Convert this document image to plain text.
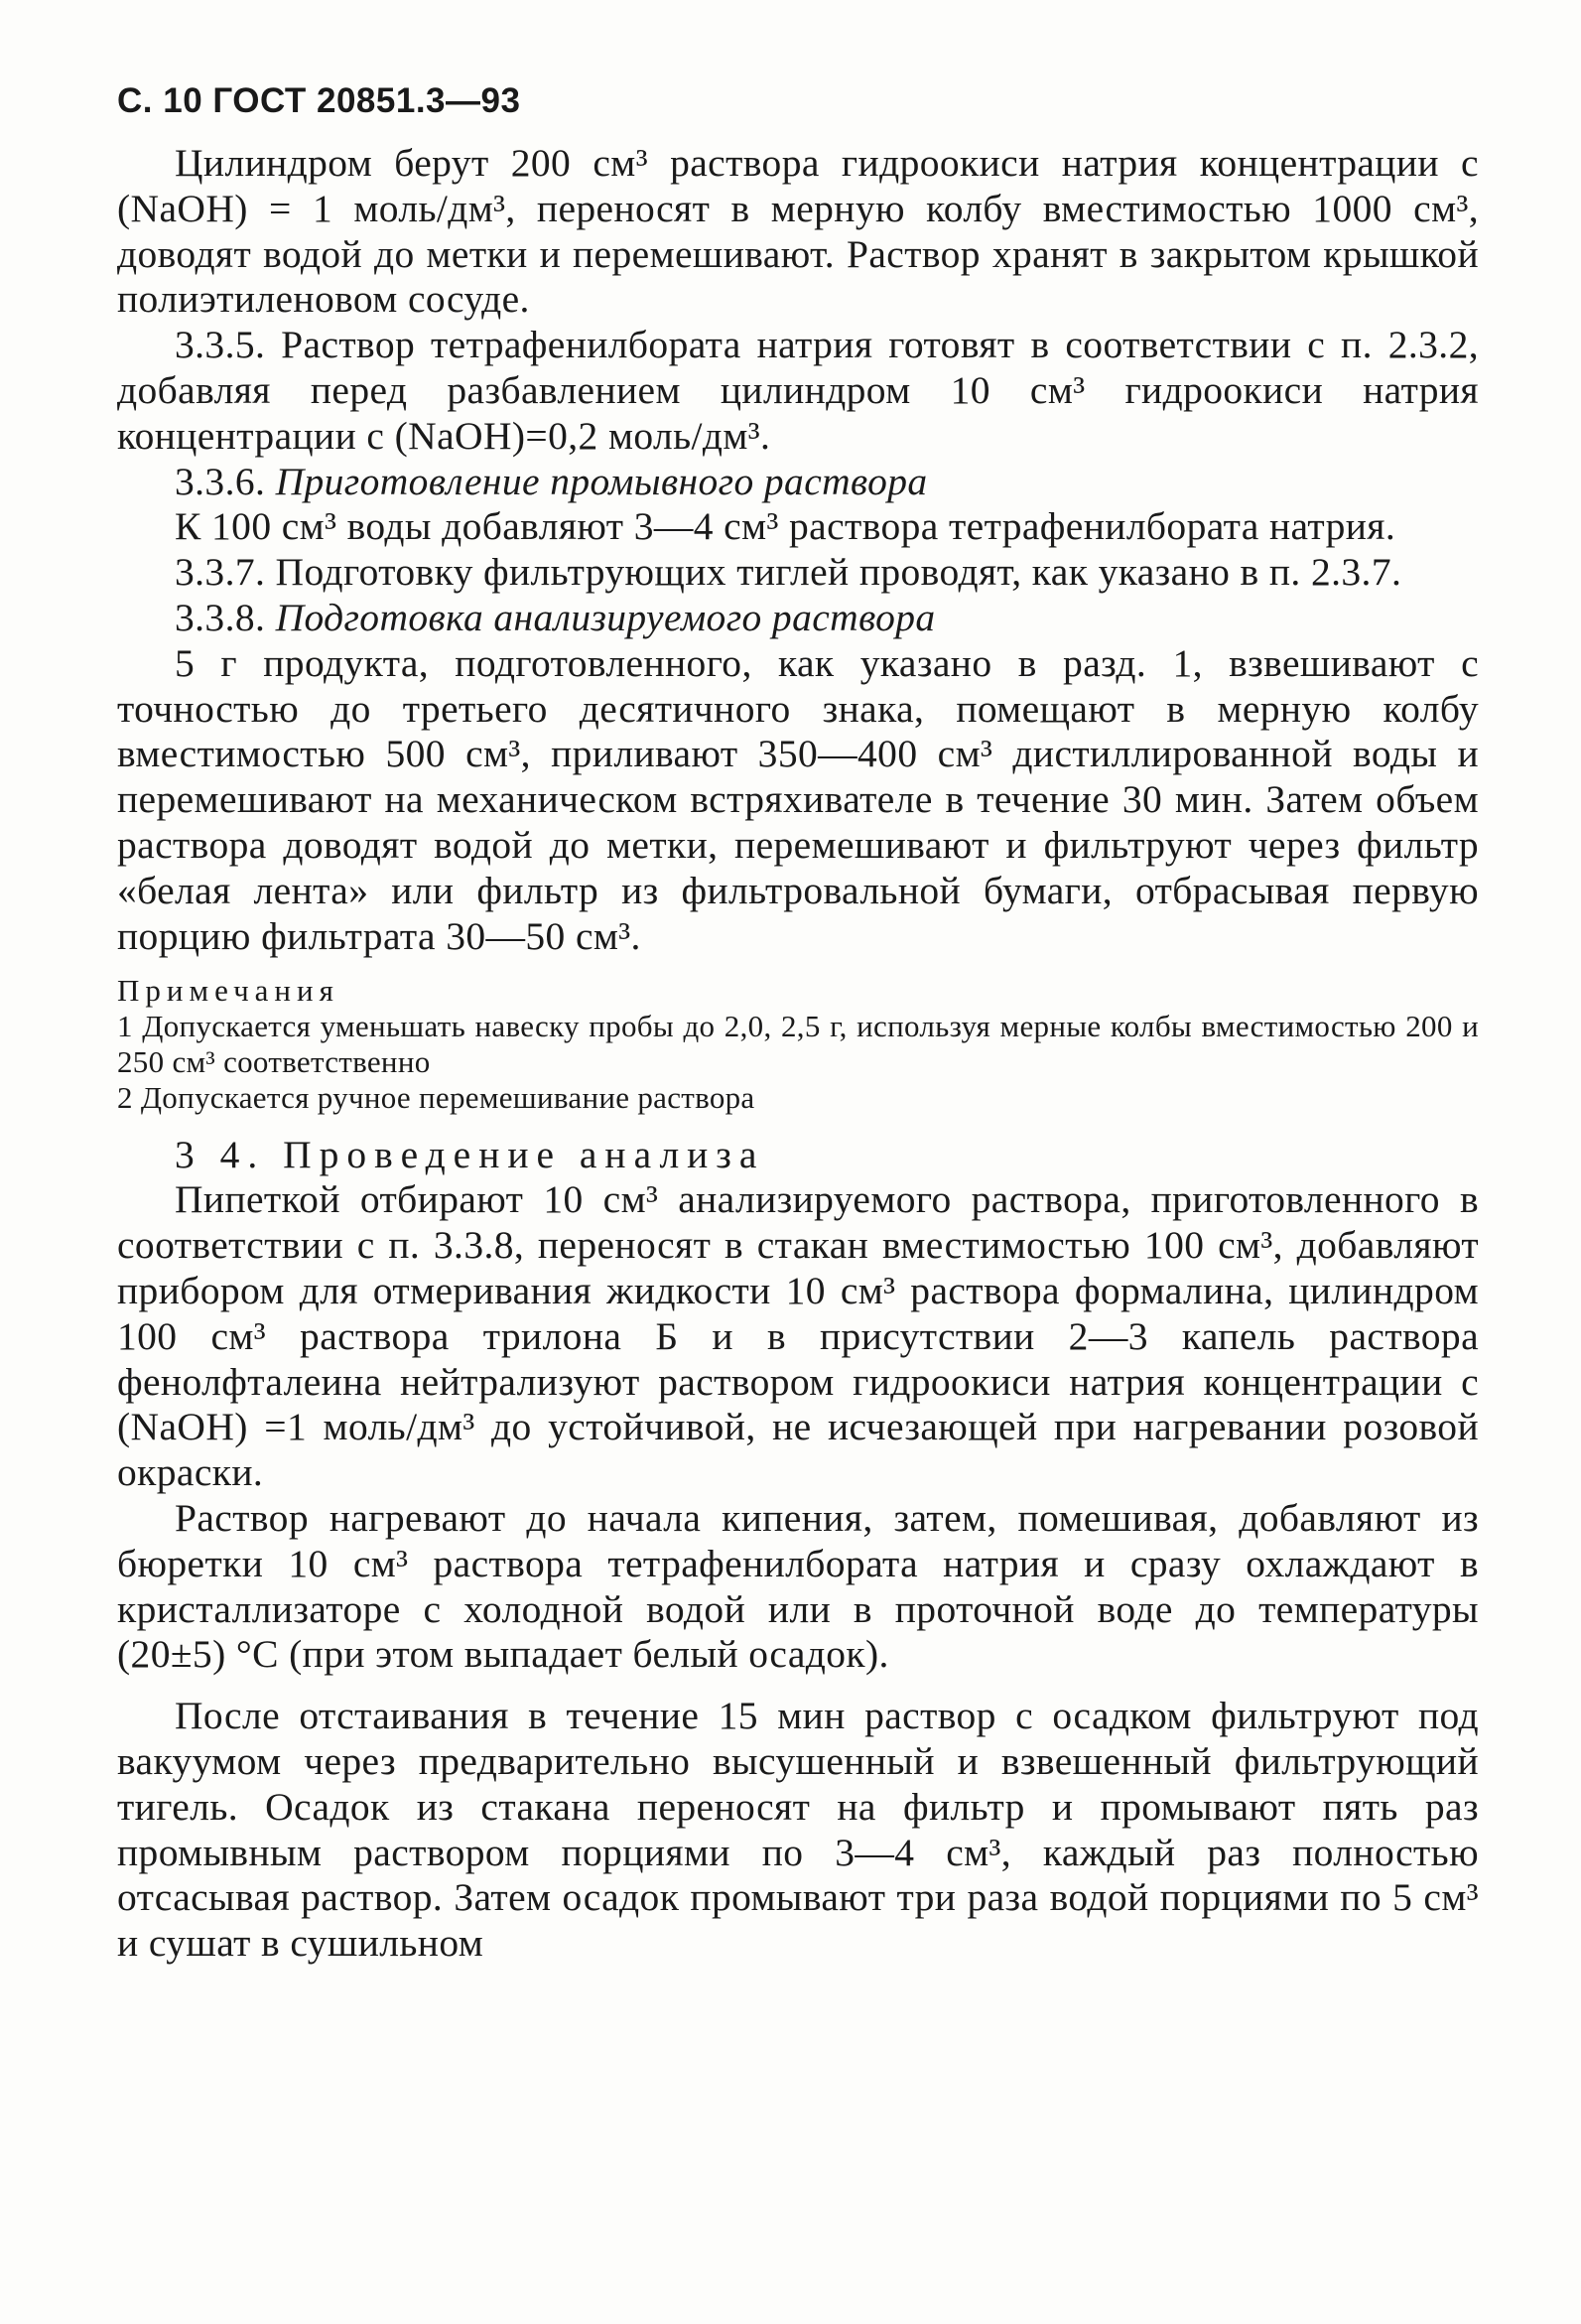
С. 10 ГОСТ 20851.3—93

Цилиндром берут 200 см³ раствора гидроокиси натрия концентрации с (NaOH) = 1 моль/дм³, переносят в мерную колбу вместимостью 1000 см³, доводят водой до метки и перемешивают. Раствор хранят в закрытом крышкой полиэтиленовом сосуде.

3.3.5. Раствор тетрафенилбората натрия готовят в соответствии с п. 2.3.2, добавляя перед разбавлением цилиндром 10 см³ гидроокиси натрия концентрации с (NaOH)=0,2 моль/дм³.

3.3.6. Приготовление промывного раствора

К 100 см³ воды добавляют 3—4 см³ раствора тетрафенилбората натрия.

3.3.7. Подготовку фильтрующих тиглей проводят, как указано в п. 2.3.7.

3.3.8. Подготовка анализируемого раствора

5 г продукта, подготовленного, как указано в разд. 1, взвешивают с точностью до третьего десятичного знака, помещают в мерную колбу вместимостью 500 см³, приливают 350—400 см³ дистиллированной воды и перемешивают на механическом встряхивателе в течение 30 мин. Затем объем раствора доводят водой до метки, перемешивают и фильтруют через фильтр «белая лента» или фильтр из фильтровальной бумаги, отбрасывая первую порцию фильтрата 30—50 см³.

Примечания

1 Допускается уменьшать навеску пробы до 2,0, 2,5 г, используя мерные колбы вместимостью 200 и 250 см³ соответственно

2 Допускается ручное перемешивание раствора

3 4. Проведение анализа

Пипеткой отбирают 10 см³ анализируемого раствора, приготовленного в соответствии с п. 3.3.8, переносят в стакан вместимостью 100 см³, добавляют прибором для отмеривания жидкости 10 см³ раствора формалина, цилиндром 100 см³ раствора трилона Б и в присутствии 2—3 капель раствора фенолфталеина нейтрализуют раствором гидроокиси натрия концентрации с (NaOH) =1 моль/дм³ до устойчивой, не исчезающей при нагревании розовой окраски.

Раствор нагревают до начала кипения, затем, помешивая, добавляют из бюретки 10 см³ раствора тетрафенилбората натрия и сразу охлаждают в кристаллизаторе с холодной водой или в проточной воде до температуры (20±5) °С (при этом выпадает белый осадок).

После отстаивания в течение 15 мин раствор с осадком фильтруют под вакуумом через предварительно высушенный и взвешенный фильтрующий тигель. Осадок из стакана переносят на фильтр и промывают пять раз промывным раствором порциями по 3—4 см³, каждый раз полностью отсасывая раствор. Затем осадок промывают три раза водой порциями по 5 см³ и сушат в сушильном
